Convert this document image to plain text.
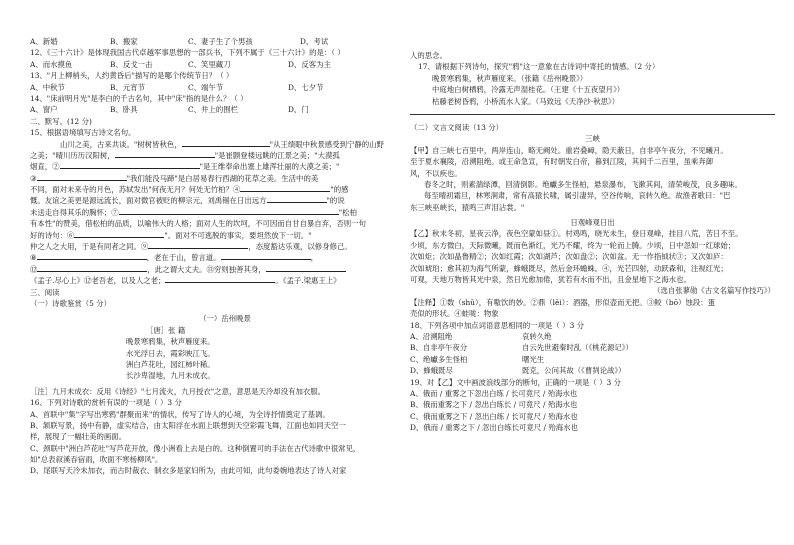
A、新婚	B、搬家	C、妻子生了个男孩	D、考试
12、《三十六计》是体现我国古代卓越军事思想的一部兵书，下列不属于《三十六计》的是：（ ）
A、而水摸鱼	B、反戈一击	C、笑里藏刀	D、反客为主
13、"月上柳梢头，人约黄昏后"描写的是哪个传统节日？（ ）
A、中秋节	B、元宵节	C、端午节	D、七夕节
14、"床前明月光"是李白的千古名句，其中"床"指的是什么？（ ）
A、窗户	B、卧具	C、井上的围栏	D、门
二、默写。(12 分)
15、根据语境填写古诗文名句。
山川之美，古来共谈。"树树皆秋色，	"从王绩眼中秋景感受到宁静的山野
之美；"晴川历历汉阳树，	"是崔颢登楼远眺的江景之美；"大漠孤
烟直，②	"是王维奉命出塞上雄浑壮丽的大漠之美；"
③	"我们能没马蹄"是白居易春行西湖的花草之美。生活中的美
不同，面对未来寺的月色，苏轼发出"何夜无月？何处无竹柏？④	"的感
慨。友谊之美更是源远流长，面对微官被贬的柳宗元，刘禹锡在日出远方	"的说
未送走自得其乐的胸怀；⑦	"松柏
有本性"的赞美，借松柏的品质，以喻伟大的人格；面对人生的坎坷，不可因而自甘自暴自弃，否则一句
好的诗句：⑥	"。面对不可逃脱的事实，要坦然放下一切。"
仲之人之大用，于是有同者之同。⑨	，态度豁达乐观，以修身修己。
⑧	，老在于山，曾言道。	，
⑫	，此之谓大丈夫。⑬穷则独善其身，
《孟子.尽心上》⑫老吾老，以及人之老；	。《孟子.梁惠王上》
三、阅读
（一）诗歌鉴赏（5 分）
（一）岳州晚景
［唐］张 籍
晚景寒鸦集，秋声雁度来。
水光浮日去，霞彩映江飞。
洲白芦花吐，园红柿叶稀。
长沙卑湿地，九月未成衣。
［注］九月未成衣：反用《诗经》"七月流火，九月授衣"之意，意思是天冷却没有加衣服。
16、下列对诗歌的赏析有误的一项是（ ）3 分
A、首联中"集"字写出寒鸦"群聚而来"的情状，传写了诗人的心境，为全诗抒情奠定了基调。
B、颔联写景，扬中有静，虚实结合，由太阳浮在水面上联想到天空彩霞飞舞，江面也如同天空一
样，展现了一幅壮美的画面。
C、颈联中"洲白芦花吐"写芦花开放，像小洲看上去是白的。这种倒置可的手法在古代诗歌中很常见，
如"总表叙溪吞宿雨，吹面不寒杨柳风"。
D、尾联写天冷未加衣，而古时裁衣、制衣多是家妇所为，由此可知，此句委婉地表达了诗人对家
人的思念。
17、请根据下列诗句，探究"鸦"这一意象在古诗词中寄托的情感。（2 分）
晚景寒鸦集，秋声雁度来。（张籍《岳州晚景》）
中庭地白树栖鸦，冷露无声湿桂花。（王建《十五夜望月》）
枯藤老树昏鸦，小桥流水人家。（马致远《天净沙·秋思》）
（二）文言文阅读（13 分）
三峡
【甲】自三峡七百里中，两岸连山，略无阙处。重岩叠嶂，隐天蔽日，自非亭午夜分，不见曦月。
至于夏水襄陵，沿溯阻绝。或王命急宣，有时朝发白帝，暮到江陵，其间千二百里，虽乘奔御
风，不以疾也。
春冬之时，则素湍绿潭，回清倒影。绝巘多生怪柏，悬泉瀑布，飞漱其间，清荣峻茂，良多趣味。
每至晴初霜旦，林寒涧肃，常有高猿长啸，属引凄异，空谷传响，哀转久绝。故渔者歌曰："巴
东三峡巫峡长，猿鸣三声泪沾裳。"
日观峰观日出
【乙】秋末冬初，星夜云净，夜色空蒙如昼①。村鸡鸣，晓光未生，登日观峰，挂目八荒，苦日不至。
少顷，东方微白，天际微曦，既而色渐红，光乃不耀，终为一轮而上腾。少顷，日中忽如一红球始；
次如炬；次如晶鲁精②；次如红霞；次如湖芦；次如盘②；次如盆。无一作指钺状③；又次如庐：
次如琥珀；愈其初为海气所蒙，蜂蛾既尽，然后金环蟾蛛。④，光芒四射，动跃森和，注视红光；
可观，天地万物皆其光中泉，然日光愈加倦，犹若有水而不出，且金星地下之海水也。
（选自张蓼勋《古文名篇写作技巧》）
【注释】①数（shǔ），有嗷饮的妙。②鼎（lěi）：酒器，形似壶而无把。③鲛（bō）蚀段：蛋
壳似的形状。④蛙咙：物象
18、下列各项中加点词语意思相同的一项是（ ）3 分
A、沿溯阻绝	哀转久绝
B、自非亭午夜分	自云先世避秦时乱（《桃花源记》）
C、绝巘多生怪柏	曙光生
D、蜂蛾既尽	既克，公问其故（《曹刿论战》）
19、对【乙】文中画波浪线部分的断句，正确的一项是（ ）3 分
A、俄而 / 重雾之下忽出白练 / 长可竟尺 / 殆海水也
B、俄而重雾之下 / 忽出白练长 / 可竟尺 / 殆海水也
C、俄而重雾之下 / 忽出白练 / 长可竟尺 / 殆海水也
D、俄而 / 重雾之下 / 忽出白练长可竟尺 / 殆海水也
